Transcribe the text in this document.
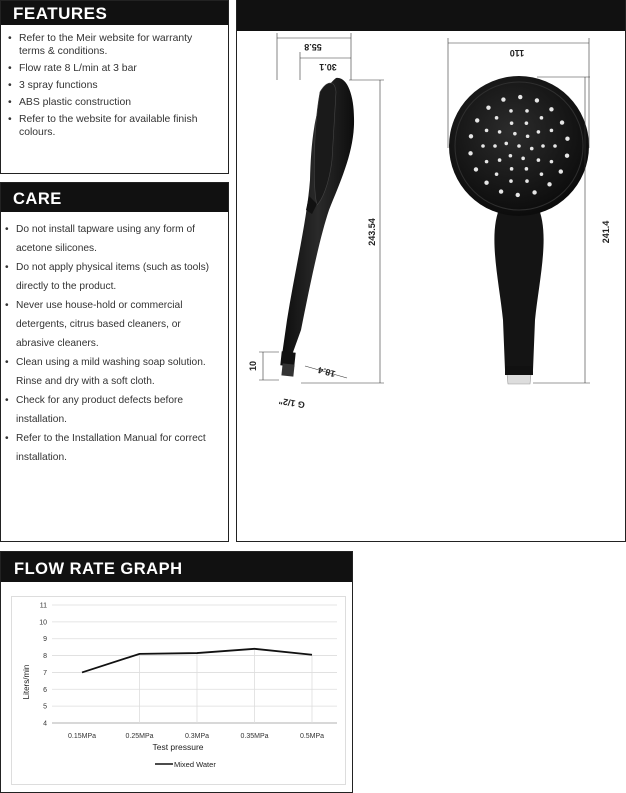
FEATURES
• Refer to the Meir website for warranty terms & conditions.
• Flow rate 8 L/min at 3 bar
• 3 spray functions
• ABS plastic construction
• Refer to the website for available finish colours.
CARE
• Do not install tapware using any form of acetone silicones.
• Do not apply physical items (such as tools) directly to the product.
• Never use house-hold or commercial detergents, citrus based cleaners, or abrasive cleaners.
• Clean using a mild washing soap solution. Rinse and dry with a soft cloth.
• Check for any product defects before installation.
• Refer to the Installation Manual for correct installation.
55.8
30.1
243.54
18.4
10
G 1/2"
110
241.4
FLOW RATE GRAPH
4
5
6
7
8
9
10
11
0.15MPa	0.25MPa	0.3MPa	0.35MPa	0.5MPa
Liters/min
Test pressure
Mixed Water
